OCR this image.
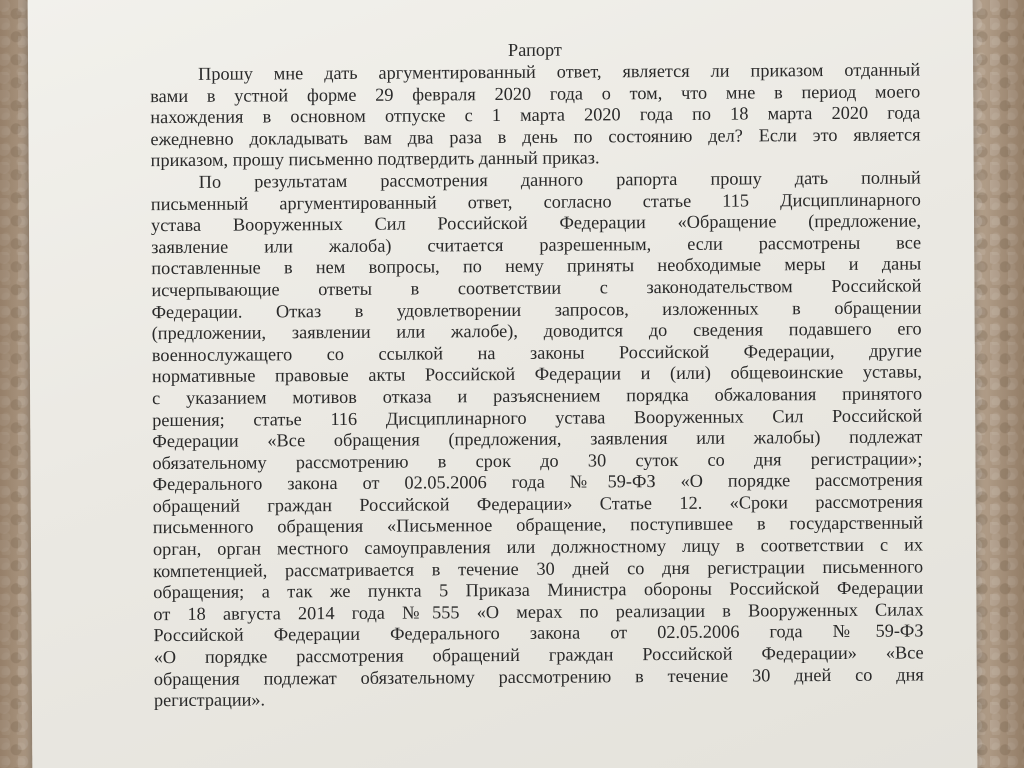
Рапорт
Прошу мне дать аргументированный ответ, является ли приказом отданный
вами в устной форме 29 февраля 2020 года о том, что мне в период моего
нахождения в основном отпуске с 1 марта 2020 года по 18 марта 2020 года
ежедневно докладывать вам два раза в день по состоянию дел? Если это является
приказом, прошу письменно подтвердить данный приказ.
По результатам рассмотрения данного рапорта прошу дать полный
письменный аргументированный ответ, согласно статье 115 Дисциплинарного
устава Вооруженных Сил Российской Федерации «Обращение (предложение,
заявление или жалоба) считается разрешенным, если рассмотрены все
поставленные в нем вопросы, по нему приняты необходимые меры и даны
исчерпывающие ответы в соответствии с законодательством Российской
Федерации. Отказ в удовлетворении запросов, изложенных в обращении
(предложении, заявлении или жалобе), доводится до сведения подавшего его
военнослужащего со ссылкой на законы Российской Федерации, другие
нормативные правовые акты Российской Федерации и (или) общевоинские уставы,
с указанием мотивов отказа и разъяснением порядка обжалования принятого
решения; статье 116 Дисциплинарного устава Вооруженных Сил Российской
Федерации «Все обращения (предложения, заявления или жалобы) подлежат
обязательному рассмотрению в срок до 30 суток со дня регистрации»;
Федерального закона от 02.05.2006 года №59-ФЗ «О порядке рассмотрения
обращений граждан Российской Федерации» Статье 12. «Сроки рассмотрения
письменного обращения «Письменное обращение, поступившее в государственный
орган, орган местного самоуправления или должностному лицу в соответствии с их
компетенцией, рассматривается в течение 30 дней со дня регистрации письменного
обращения; а так же пункта 5 Приказа Министра обороны Российской Федерации
от 18 августа 2014 года №555 «О мерах по реализации в Вооруженных Силах
Российской Федерации Федерального закона от 02.05.2006 года №59-ФЗ
«О порядке рассмотрения обращений граждан Российской Федерации» «Все
обращения подлежат обязательному рассмотрению в течение 30 дней со дня
регистрации».
